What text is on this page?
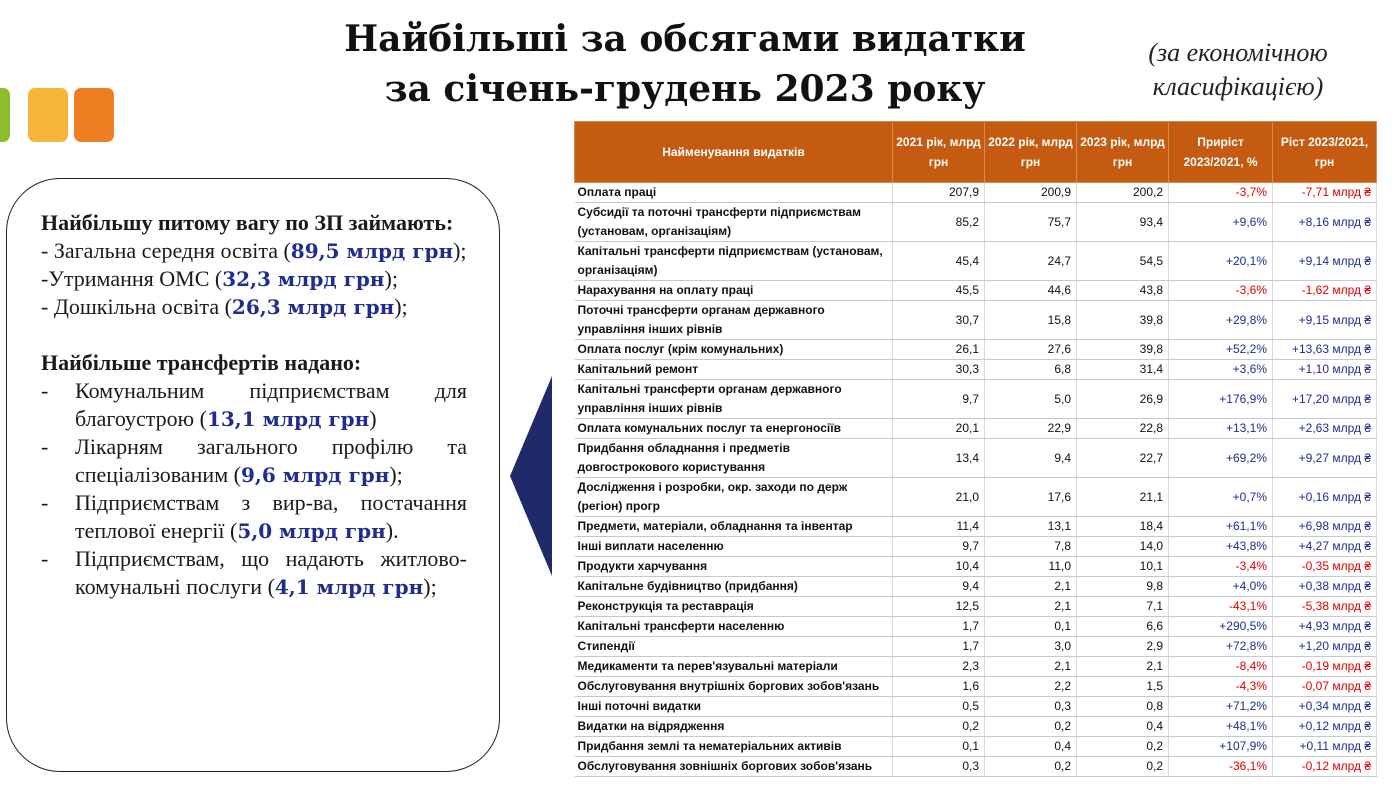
Найбільші за обсягами видатки
за січень-грудень 2023 року
(за економічною
класифікацією)

Найбільшу питому вагу по ЗП займають:

- Загальна середня освіта (89,5 млрд грн);

-Утримання ОМС (32,3 млрд грн);

- Дошкільна освіта (26,3 млрд грн);

Найбільше трансфертів надано:

- Комунальним підприємствам для благоустрою (13,1 млрд грн)
- Лікарням загального профілю та спеціалізованим (9,6 млрд грн);
- Підприємствам з вир-ва, постачання теплової енергії (5,0 млрд грн).
- Підприємствам, що надають житлово-комунальні послуги (4,1 млрд грн);
Найменування видатків	2021 рік, млрд грн	2022 рік, млрд грн	2023 рік, млрд грн	Приріст 2023/2021, %	Ріст 2023/2021, грн
Оплата праці	207,9	200,9	200,2	-3,7%	-7,71 млрд ₴
Субсидії та поточні трансферти підприємствам (установам, організаціям)	85,2	75,7	93,4	+9,6%	+8,16 млрд ₴
Капітальні трансферти підприємствам (установам, організаціям)	45,4	24,7	54,5	+20,1%	+9,14 млрд ₴
Нарахування на оплату праці	45,5	44,6	43,8	-3,6%	-1,62 млрд ₴
Поточні трансферти органам державного управління інших рівнів	30,7	15,8	39,8	+29,8%	+9,15 млрд ₴
Оплата послуг (крім комунальних)	26,1	27,6	39,8	+52,2%	+13,63 млрд ₴
Капітальний ремонт	30,3	6,8	31,4	+3,6%	+1,10 млрд ₴
Капітальні трансферти органам державного управління інших рівнів	9,7	5,0	26,9	+176,9%	+17,20 млрд ₴
Оплата комунальних послуг та енергоносіїв	20,1	22,9	22,8	+13,1%	+2,63 млрд ₴
Придбання обладнання і предметів довгострокового користування	13,4	9,4	22,7	+69,2%	+9,27 млрд ₴
Дослідження і розробки, окр. заходи по держ (регіон) прогр	21,0	17,6	21,1	+0,7%	+0,16 млрд ₴
Предмети, матеріали, обладнання та інвентар	11,4	13,1	18,4	+61,1%	+6,98 млрд ₴
Інші виплати населенню	9,7	7,8	14,0	+43,8%	+4,27 млрд ₴
Продукти харчування	10,4	11,0	10,1	-3,4%	-0,35 млрд ₴
Капітальне будівництво (придбання)	9,4	2,1	9,8	+4,0%	+0,38 млрд ₴
Реконструкція та реставрація	12,5	2,1	7,1	-43,1%	-5,38 млрд ₴
Капітальні трансферти населенню	1,7	0,1	6,6	+290,5%	+4,93 млрд ₴
Стипендії	1,7	3,0	2,9	+72,8%	+1,20 млрд ₴
Медикаменти та перев'язувальні матеріали	2,3	2,1	2,1	-8,4%	-0,19 млрд ₴
Обслуговування внутрішніх боргових зобов'язань	1,6	2,2	1,5	-4,3%	-0,07 млрд ₴
Інші поточні видатки	0,5	0,3	0,8	+71,2%	+0,34 млрд ₴
Видатки на відрядження	0,2	0,2	0,4	+48,1%	+0,12 млрд ₴
Придбання землі та нематеріальних активів	0,1	0,4	0,2	+107,9%	+0,11 млрд ₴
Обслуговування зовнішніх боргових зобов'язань	0,3	0,2	0,2	-36,1%	-0,12 млрд ₴
